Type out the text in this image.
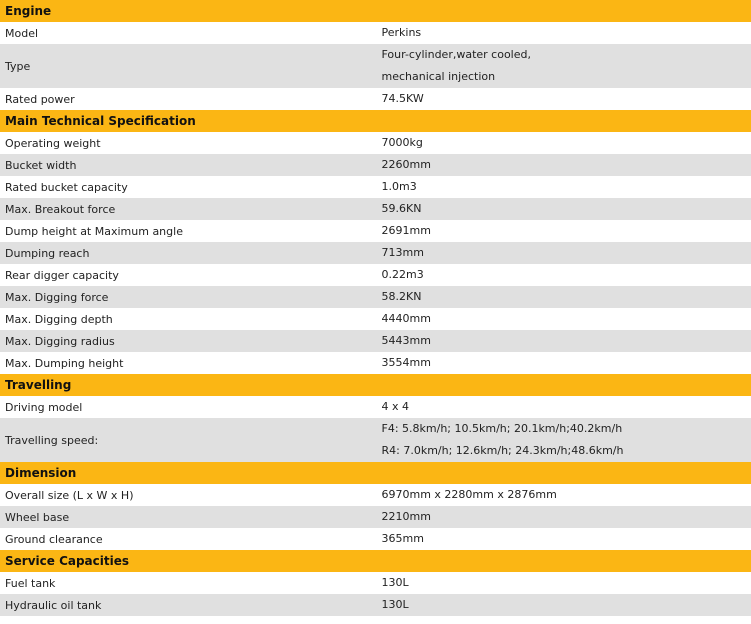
Engine	
Model	Perkins

Type	Four-cylinder,water cooled,
mechanical injection

Rated power	74.5KW

Main Technical Specification	
Operating weight	7000kg

Bucket width	2260mm

Rated bucket capacity	1.0m3

Max. Breakout force	59.6KN

Dump height at Maximum angle	2691mm

Dumping reach	713mm

Rear digger capacity	0.22m3

Max. Digging force	58.2KN

Max. Digging depth	4440mm

Max. Digging radius	5443mm

Max. Dumping height	3554mm

Travelling	
Driving model	4 x 4

Travelling speed:	F4: 5.8km/h; 10.5km/h; 20.1km/h;40.2km/h
R4: 7.0km/h; 12.6km/h; 24.3km/h;48.6km/h

Dimension	
Overall size (L x W x H)	6970mm x 2280mm x 2876mm

Wheel base	2210mm

Ground clearance	365mm

Service Capacities	
Fuel tank	130L

Hydraulic oil tank	130L
